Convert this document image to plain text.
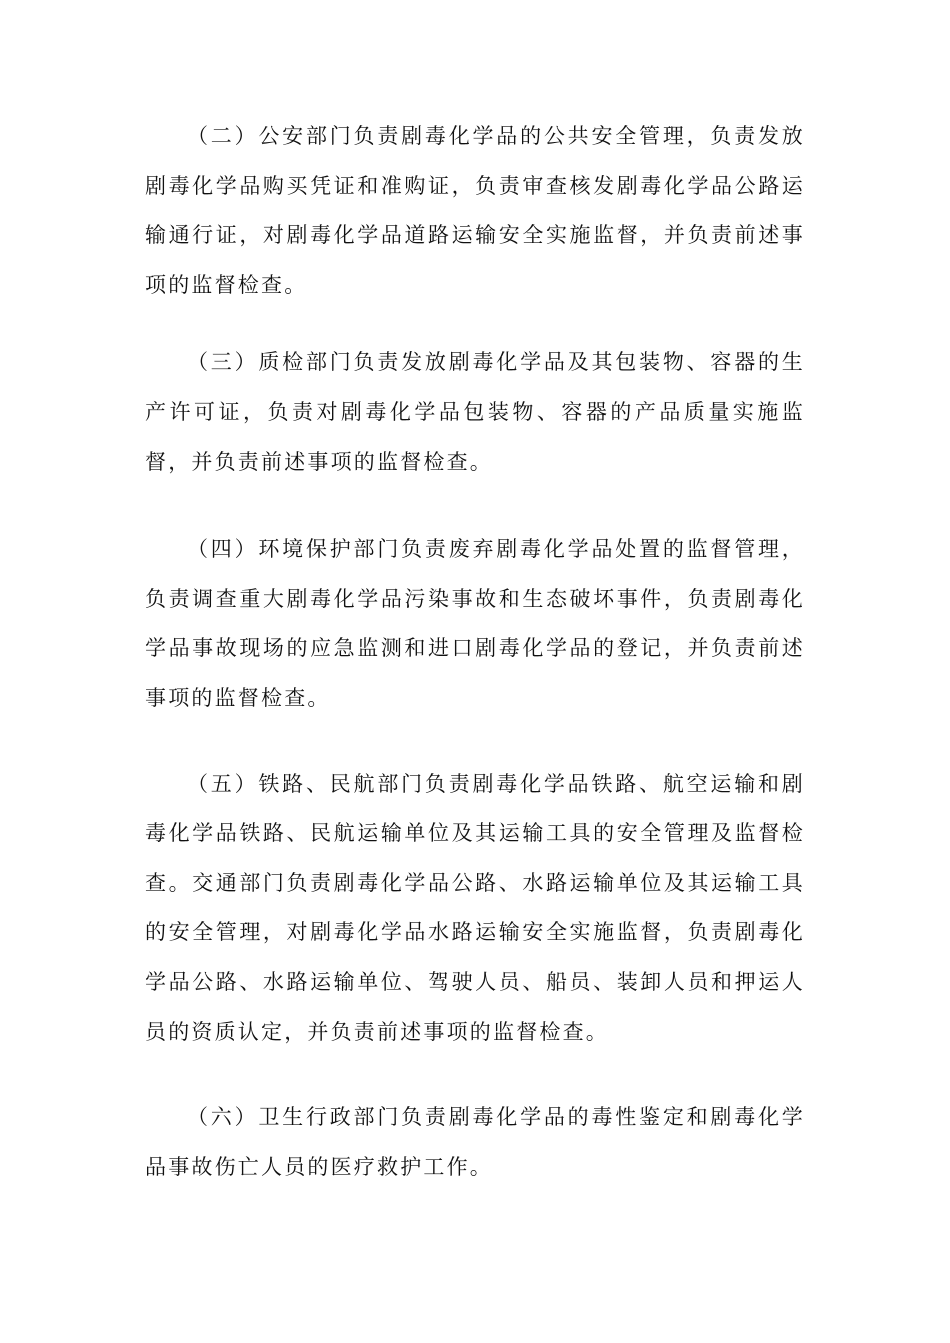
（二）公安部门负责剧毒化学品的公共安全管理，负责发放剧毒化学品购买凭证和准购证，负责审查核发剧毒化学品公路运输通行证，对剧毒化学品道路运输安全实施监督，并负责前述事项的监督检查。

（三）质检部门负责发放剧毒化学品及其包装物、容器的生产许可证，负责对剧毒化学品包装物、容器的产品质量实施监督，并负责前述事项的监督检查。

（四）环境保护部门负责废弃剧毒化学品处置的监督管理，负责调查重大剧毒化学品污染事故和生态破坏事件，负责剧毒化学品事故现场的应急监测和进口剧毒化学品的登记，并负责前述事项的监督检查。

（五）铁路、民航部门负责剧毒化学品铁路、航空运输和剧毒化学品铁路、民航运输单位及其运输工具的安全管理及监督检查。交通部门负责剧毒化学品公路、水路运输单位及其运输工具的安全管理，对剧毒化学品水路运输安全实施监督，负责剧毒化学品公路、水路运输单位、驾驶人员、船员、装卸人员和押运人员的资质认定，并负责前述事项的监督检查。

（六）卫生行政部门负责剧毒化学品的毒性鉴定和剧毒化学品事故伤亡人员的医疗救护工作。
